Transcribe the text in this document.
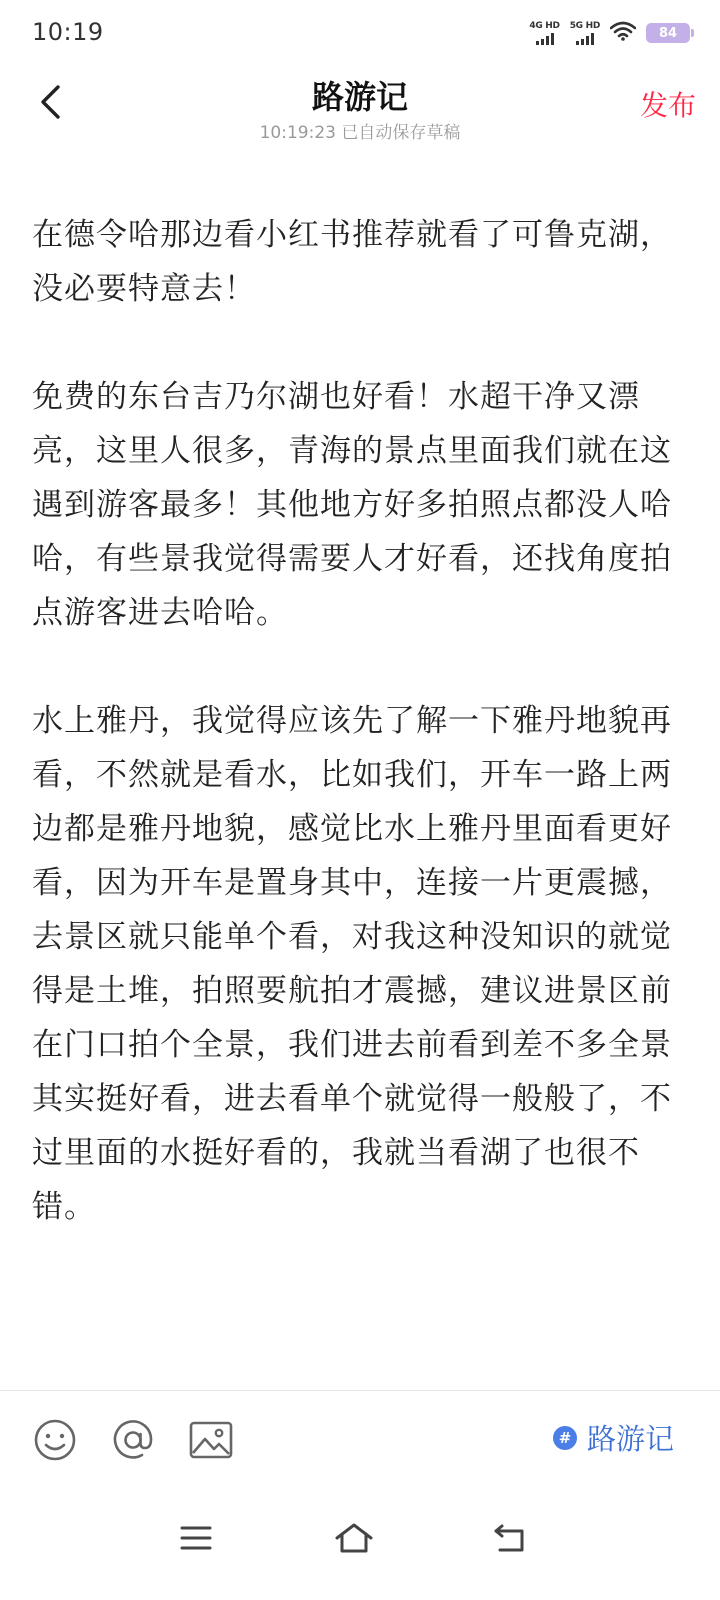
10:19	4G HD 5G HD	84
路游记
10:19:23 已自动保存草稿
发布

在德令哈那边看小红书推荐就看了可鲁克湖，没必要特意去！

免费的东台吉乃尔湖也好看！水超干净又漂亮，这里人很多，青海的景点里面我们就在这遇到游客最多！其他地方好多拍照点都没人哈哈，有些景我觉得需要人才好看，还找角度拍点游客进去哈哈。

水上雅丹，我觉得应该先了解一下雅丹地貌再看，不然就是看水，比如我们，开车一路上两边都是雅丹地貌，感觉比水上雅丹里面看更好看，因为开车是置身其中，连接一片更震撼，去景区就只能单个看，对我这种没知识的就觉得是土堆，拍照要航拍才震撼，建议进景区前在门口拍个全景，我们进去前看到差不多全景其实挺好看，进去看单个就觉得一般般了，不过里面的水挺好看的，我就当看湖了也很不错。

# 路游记
